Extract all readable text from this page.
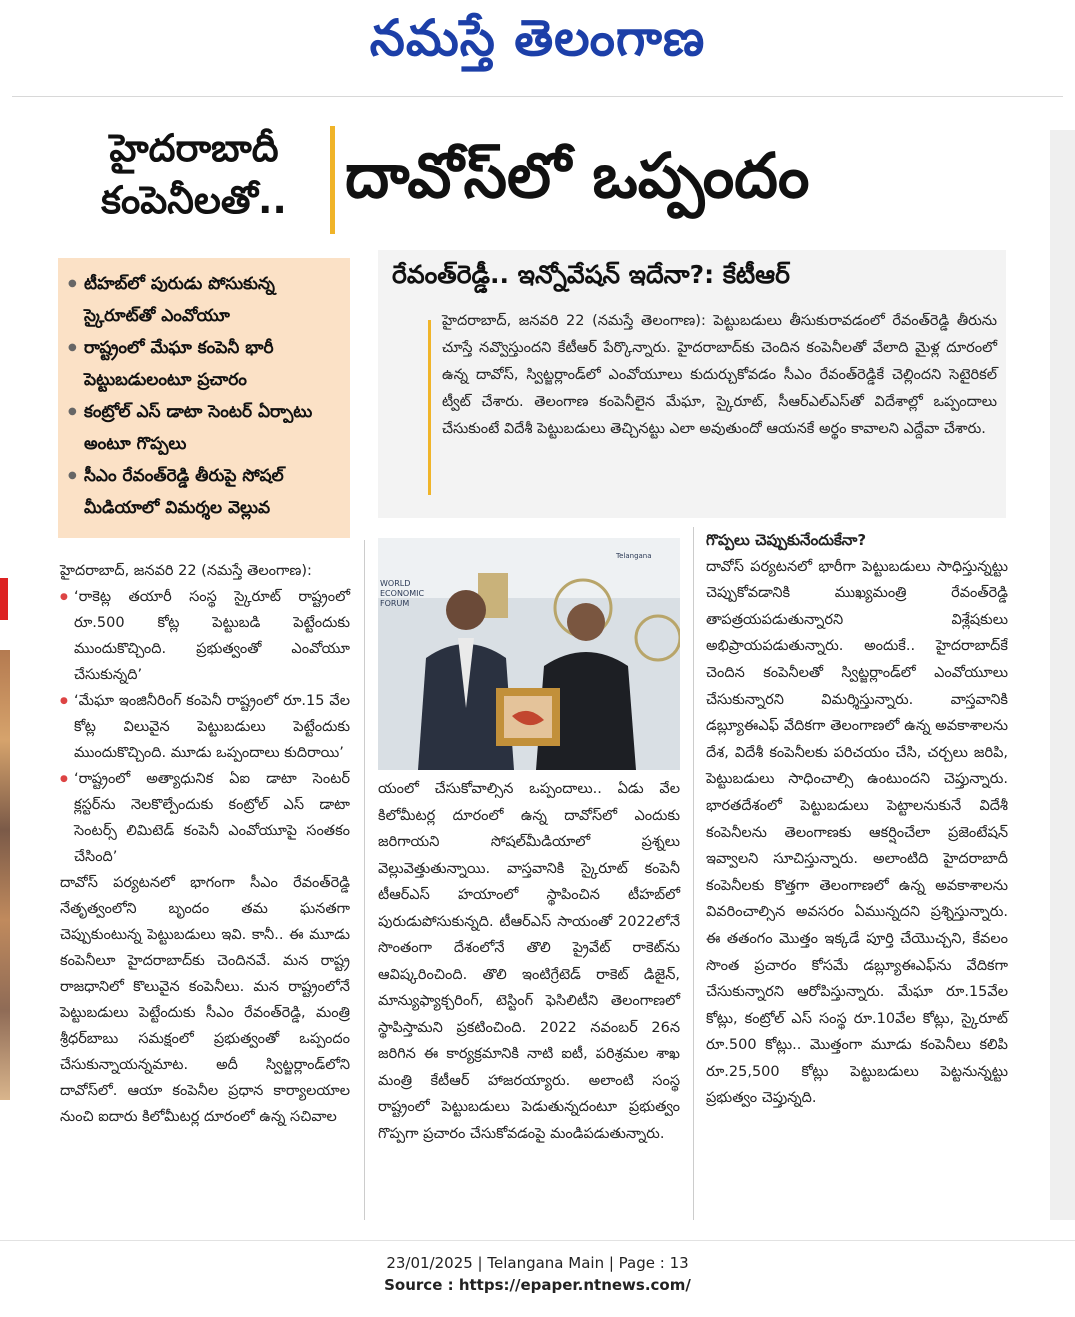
నమస్తే తెలంగాణ
హైదరాబాదీ
కంపెనీలతో.. దావోస్‌లో ఒప్పందం
● టీహబ్‌లో పురుడు పోసుకున్న స్కైరూట్‌తో ఎంవోయూ
● రాష్ట్రంలో మేఘా కంపెనీ భారీ పెట్టుబడులంటూ ప్రచారం
● కంట్రోల్ ఎస్ డాటా సెంటర్ ఏర్పాటు అంటూ గొప్పలు
● సీఎం రేవంత్‌రెడ్డి తీరుపై సోషల్ మీడియాలో విమర్శల వెల్లువ
రేవంత్‌రెడ్డీ.. ఇన్నోవేషన్ ఇదేనా?: కేటీఆర్
హైదరాబాద్, జనవరి 22 (నమస్తే తెలంగాణ): పెట్టుబడులు తీసుకురావడంలో రేవంత్‌రెడ్డి తీరును చూస్తే నవ్వొస్తుందని కేటీఆర్ పేర్కొన్నారు. హైదరాబాద్‌కు చెందిన కంపెనీలతో వేలాది మైళ్ల దూరంలో ఉన్న దావోస్, స్విట్జర్లాండ్‌లో ఎంవోయూలు కుదుర్చుకోవడం సీఎం రేవంత్‌రెడ్డికే చెల్లిందని సెటైరికల్ ట్వీట్ చేశారు. తెలంగాణ కంపెనీలైన మేఘా, స్కైరూట్, సీఆర్‌ఎల్‌ఎస్‌తో విదేశాల్లో ఒప్పందాలు చేసుకుంటే విదేశీ పెట్టుబడులు తెచ్చినట్టు ఎలా అవుతుందో ఆయనకే అర్థం కావాలని ఎద్దేవా చేశారు.
హైదరాబాద్, జనవరి 22 (నమస్తే తెలంగాణ):
● ‘రాకెట్ల తయారీ సంస్థ స్కైరూట్ రాష్ట్రంలో రూ.500 కోట్ల పెట్టుబడి పెట్టేందుకు ముందుకొచ్చింది. ప్రభుత్వంతో ఎంవోయూ చేసుకున్నది’
● ‘మేఘా ఇంజినీరింగ్ కంపెనీ రాష్ట్రంలో రూ.15 వేల కోట్ల విలువైన పెట్టుబడులు పెట్టేందుకు ముందుకొచ్చింది. మూడు ఒప్పందాలు కుదిరాయి’
● ‘రాష్ట్రంలో అత్యాధునిక ఏఐ డాటా సెంటర్ క్లస్టర్‌ను నెలకొల్పేందుకు కంట్రోల్ ఎస్ డాటా సెంటర్స్ లిమిటెడ్ కంపెనీ ఎంవోయూపై సంతకం చేసింది’
దావోస్ పర్యటనలో భాగంగా సీఎం రేవంత్‌రెడ్డి నేతృత్వంలోని బృందం తమ ఘనతగా చెప్పుకుంటున్న పెట్టుబడులు ఇవి. కానీ.. ఈ మూడు కంపెనీలూ హైదరాబాద్‌కు చెందినవే. మన రాష్ట్ర రాజధానిలో కొలువైన కంపెనీలు. మన రాష్ట్రంలోనే పెట్టుబడులు పెట్టేందుకు సీఎం రేవంత్‌రెడ్డి, మంత్రి శ్రీధర్‌బాబు సమక్షంలో ప్రభుత్వంతో ఒప్పందం చేసుకున్నాయన్నమాట. అదీ స్విట్జర్లాండ్‌లోని దావోస్‌లో. ఆయా కంపెనీల ప్రధాన కార్యాలయాల నుంచి ఐదారు కిలోమీటర్ల దూరంలో ఉన్న సచివాల
WORLD
ECONOMIC
FORUM
Telangana
యంలో చేసుకోవాల్సిన ఒప్పందాలు.. ఏడు వేల కిలోమీటర్ల దూరంలో ఉన్న దావోస్‌లో ఎందుకు జరిగాయని సోషల్‌మీడియాలో ప్రశ్నలు వెల్లువెత్తుతున్నాయి. వాస్తవానికి స్కైరూట్ కంపెనీ టీఆర్‌ఎస్ హయాంలో స్థాపించిన టీహబ్‌లో పురుడుపోసుకున్నది. టీఆర్‌ఎస్ సాయంతో 2022లోనే సొంతంగా దేశంలోనే తొలి ప్రైవేట్ రాకెట్‌ను ఆవిష్కరించింది. తొలి ఇంటిగ్రేటెడ్ రాకెట్ డిజైన్, మాన్యుఫ్యాక్చరింగ్, టెస్టింగ్ ఫెసిలిటీని తెలంగాణలో స్థాపిస్తామని ప్రకటించింది. 2022 నవంబర్ 26న జరిగిన ఈ కార్యక్రమానికి నాటి ఐటీ, పరిశ్రమల శాఖ మంత్రి కేటీఆర్ హాజరయ్యారు. అలాంటి సంస్థ రాష్ట్రంలో పెట్టుబడులు పెడుతున్నదంటూ ప్రభుత్వం గొప్పగా ప్రచారం చేసుకోవడంపై మండిపడుతున్నారు.
గొప్పలు చెప్పుకునేందుకేనా?
దావోస్ పర్యటనలో భారీగా పెట్టుబడులు సాధిస్తున్నట్టు చెప్పుకోవడానికి ముఖ్యమంత్రి రేవంత్‌రెడ్డి తాపత్రయపడుతున్నారని విశ్లేషకులు అభిప్రాయపడుతున్నారు. అందుకే.. హైదరాబాద్‌కే చెందిన కంపెనీలతో స్విట్జర్లాండ్‌లో ఎంవోయూలు చేసుకున్నారని విమర్శిస్తున్నారు. వాస్తవానికి డబ్ల్యూఈఎఫ్ వేదికగా తెలంగాణలో ఉన్న అవకాశాలను దేశ, విదేశీ కంపెనీలకు పరిచయం చేసి, చర్చలు జరిపి, పెట్టుబడులు సాధించాల్సి ఉంటుందని చెప్తున్నారు. భారతదేశంలో పెట్టుబడులు పెట్టాలనుకునే విదేశీ కంపెనీలను తెలంగాణకు ఆకర్షించేలా ప్రజెంటేషన్ ఇవ్వాలని సూచిస్తున్నారు. అలాంటిది హైదరాబాదీ కంపెనీలకు కొత్తగా తెలంగాణలో ఉన్న అవకాశాలను వివరించాల్సిన అవసరం ఏమున్నదని ప్రశ్నిస్తున్నారు. ఈ తతంగం మొత్తం ఇక్కడే పూర్తి చేయొచ్చని, కేవలం సొంత ప్రచారం కోసమే డబ్ల్యూఈఎఫ్‌ను వేదికగా చేసుకున్నారని ఆరోపిస్తున్నారు. మేఘా రూ.15వేల కోట్లు, కంట్రోల్ ఎస్ సంస్థ రూ.10వేల కోట్లు, స్కైరూట్ రూ.500 కోట్లు.. మొత్తంగా మూడు కంపెనీలు కలిపి రూ.25,500 కోట్లు పెట్టుబడులు పెట్టనున్నట్టు ప్రభుత్వం చెప్తున్నది.
23/01/2025 | Telangana Main | Page : 13
Source : https://epaper.ntnews.com/
